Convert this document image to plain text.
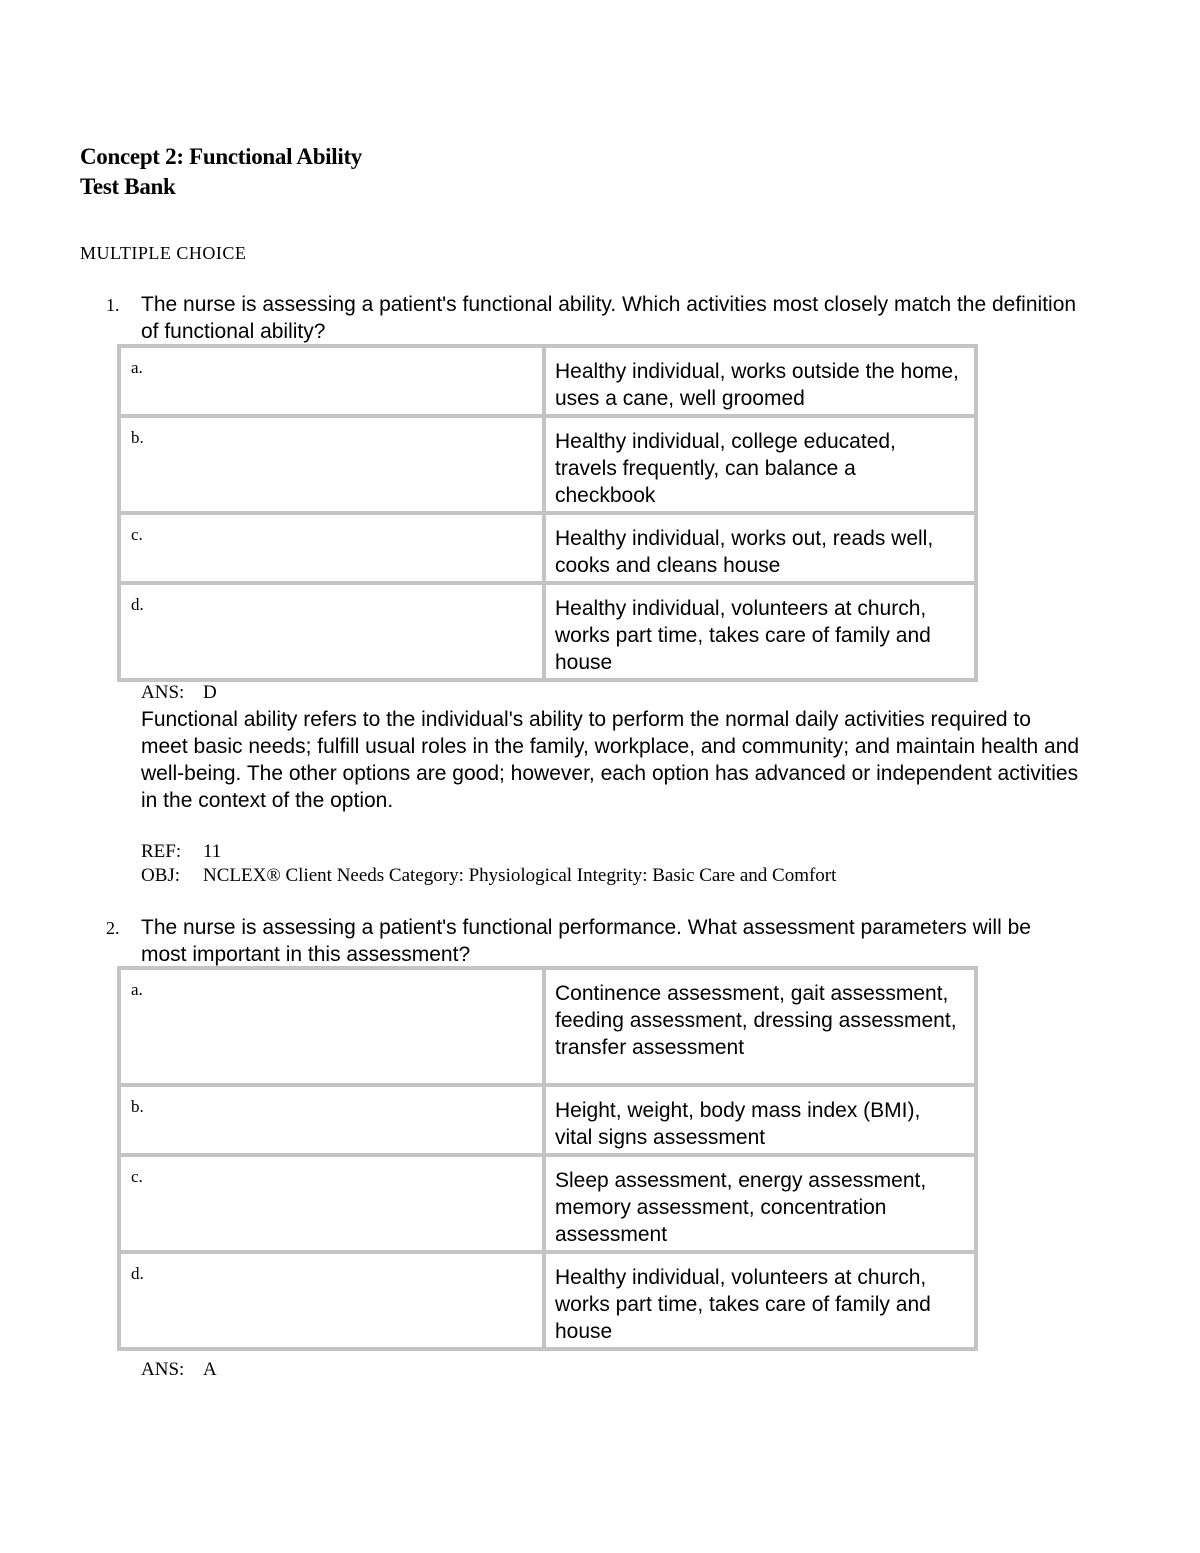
Concept 2: Functional Ability
Test Bank
MULTIPLE CHOICE
1. The nurse is assessing a patient's functional ability. Which activities most closely match the definition of functional ability?
a.	Healthy individual, works outside the home, uses a cane, well groomed
b.	Healthy individual, college educated, travels frequently, can balance a checkbook
c.	Healthy individual, works out, reads well, cooks and cleans house
d.	Healthy individual, volunteers at church, works part time, takes care of family and house
ANS: D
Functional ability refers to the individual's ability to perform the normal daily activities required to meet basic needs; fulfill usual roles in the family, workplace, and community; and maintain health and well-being. The other options are good; however, each option has advanced or independent activities in the context of the option.
REF: 11
OBJ: NCLEX® Client Needs Category: Physiological Integrity: Basic Care and Comfort
2. The nurse is assessing a patient's functional performance. What assessment parameters will be most important in this assessment?
a.	Continence assessment, gait assessment, feeding assessment, dressing assessment, transfer assessment
b.	Height, weight, body mass index (BMI), vital signs assessment
c.	Sleep assessment, energy assessment, memory assessment, concentration assessment
d.	Healthy individual, volunteers at church, works part time, takes care of family and house
ANS: A
